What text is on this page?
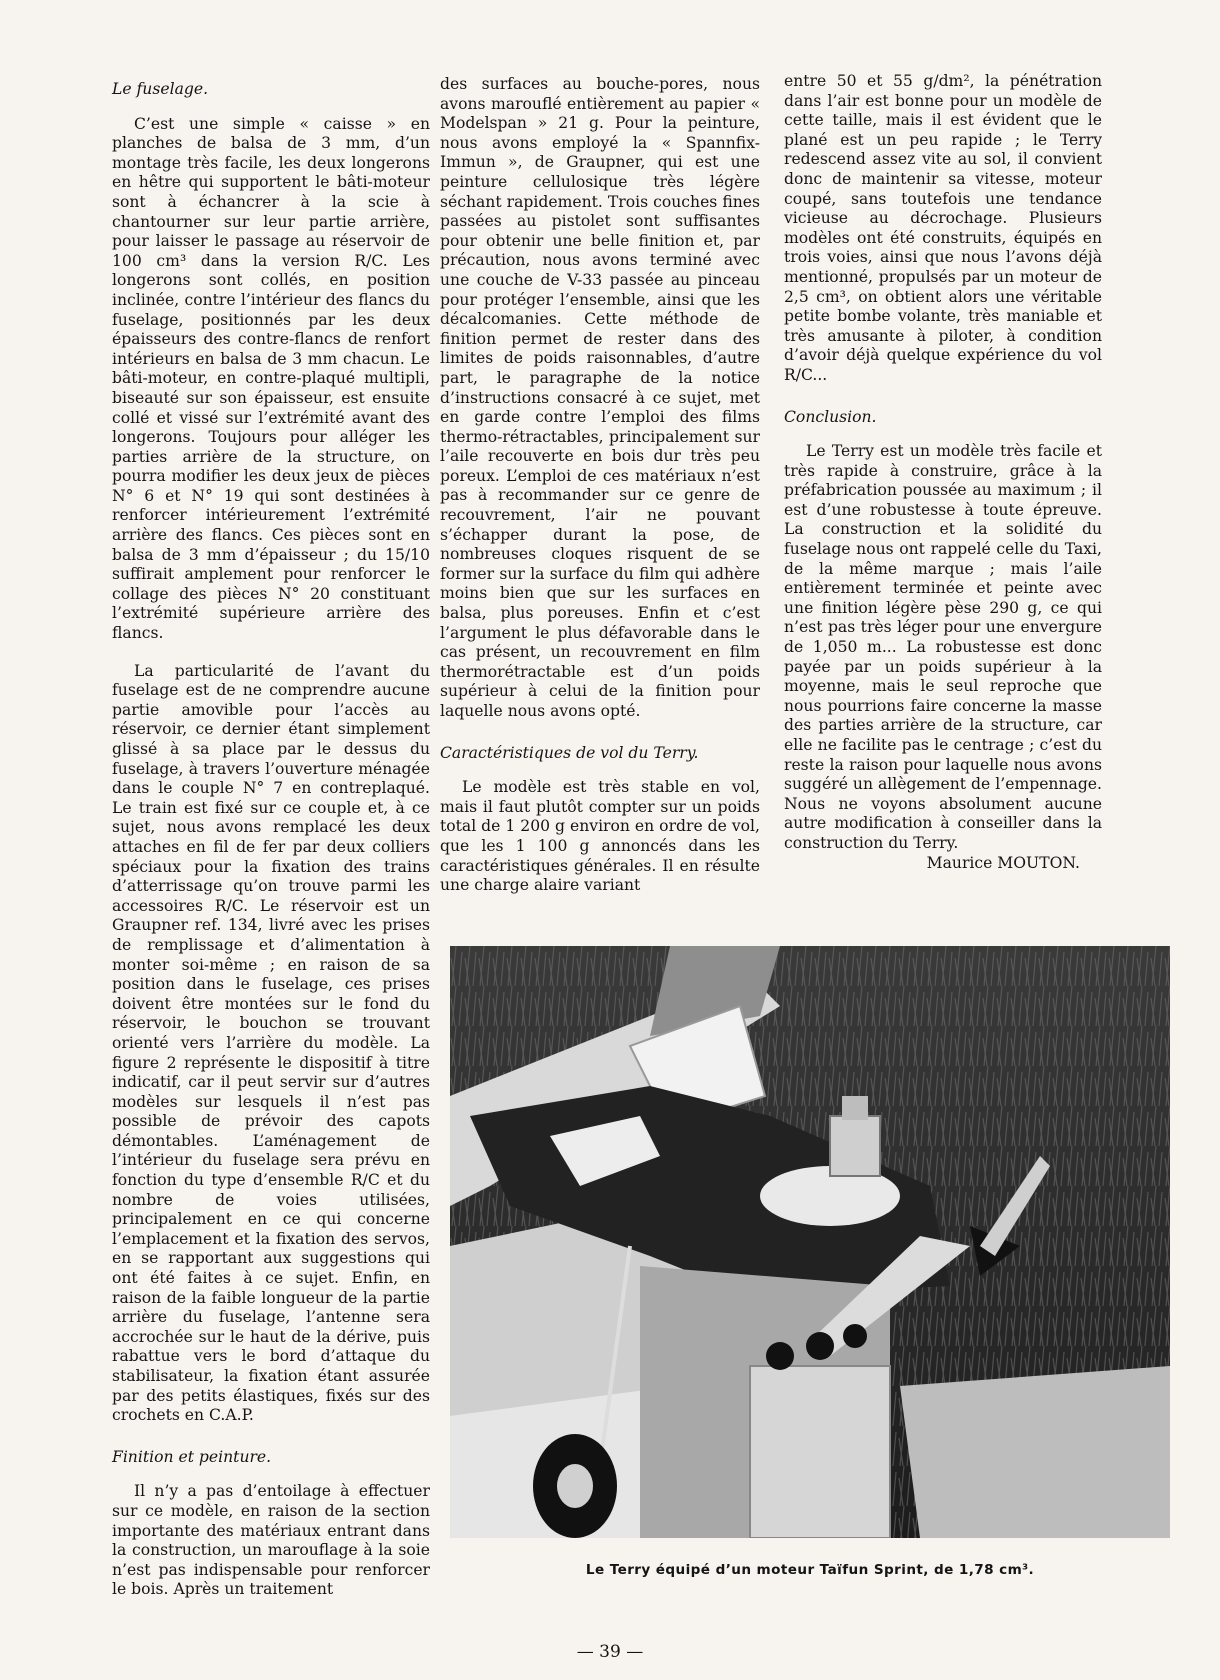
Le fuselage.

C’est une simple « caisse » en planches de balsa de 3 mm, d’un montage très facile, les deux longerons en hêtre qui supportent le bâti-moteur sont à échancrer à la scie à chantourner sur leur partie arrière, pour laisser le passage au réservoir de 100 cm³ dans la version R/C. Les longerons sont collés, en position inclinée, contre l’intérieur des flancs du fuselage, positionnés par les deux épaisseurs des contre-flancs de renfort intérieurs en balsa de 3 mm chacun. Le bâti-moteur, en contre-plaqué multipli, biseauté sur son épaisseur, est ensuite collé et vissé sur l’extrémité avant des longerons. Toujours pour alléger les parties arrière de la structure, on pourra modifier les deux jeux de pièces N° 6 et N° 19 qui sont destinées à renforcer intérieurement l’extrémité arrière des flancs. Ces pièces sont en balsa de 3 mm d’épaisseur ; du 15/10 suffirait amplement pour renforcer le collage des pièces N° 20 constituant l’extrémité supérieure arrière des flancs.

La particularité de l’avant du fuselage est de ne comprendre aucune partie amovible pour l’accès au réservoir, ce dernier étant simplement glissé à sa place par le dessus du fuselage, à travers l’ouverture ménagée dans le couple N° 7 en contreplaqué. Le train est fixé sur ce couple et, à ce sujet, nous avons remplacé les deux attaches en fil de fer par deux colliers spéciaux pour la fixation des trains d’atterrissage qu’on trouve parmi les accessoires R/C. Le réservoir est un Graupner ref. 134, livré avec les prises de remplissage et d’alimentation à monter soi-même ; en raison de sa position dans le fuselage, ces prises doivent être montées sur le fond du réservoir, le bouchon se trouvant orienté vers l’arrière du modèle. La figure 2 représente le dispositif à titre indicatif, car il peut servir sur d’autres modèles sur lesquels il n’est pas possible de prévoir des capots démontables. L’aménagement de l’intérieur du fuselage sera prévu en fonction du type d’ensemble R/C et du nombre de voies utilisées, principalement en ce qui concerne l’emplacement et la fixation des servos, en se rapportant aux suggestions qui ont été faites à ce sujet. Enfin, en raison de la faible longueur de la partie arrière du fuselage, l’antenne sera accrochée sur le haut de la dérive, puis rabattue vers le bord d’attaque du stabilisateur, la fixation étant assurée par des petits élastiques, fixés sur des crochets en C.A.P.

Finition et peinture.

Il n’y a pas d’entoilage à effectuer sur ce modèle, en raison de la section importante des matériaux entrant dans la construction, un marouflage à la soie n’est pas indispensable pour renforcer le bois. Après un traitement

des surfaces au bouche-pores, nous avons marouflé entièrement au papier « Modelspan » 21 g. Pour la peinture, nous avons employé la « Spannfix-Immun », de Graupner, qui est une peinture cellulosique très légère séchant rapidement. Trois couches fines passées au pistolet sont suffisantes pour obtenir une belle finition et, par précaution, nous avons terminé avec une couche de V-33 passée au pinceau pour protéger l’ensemble, ainsi que les décalcomanies. Cette méthode de finition permet de rester dans des limites de poids raisonnables, d’autre part, le paragraphe de la notice d’instructions consacré à ce sujet, met en garde contre l’emploi des films thermo-rétractables, principalement sur l’aile recouverte en bois dur très peu poreux. L’emploi de ces matériaux n’est pas à recommander sur ce genre de recouvrement, l’air ne pouvant s’échapper durant la pose, de nombreuses cloques risquent de se former sur la surface du film qui adhère moins bien que sur les surfaces en balsa, plus poreuses. Enfin et c’est l’argument le plus défavorable dans le cas présent, un recouvrement en film thermorétractable est d’un poids supérieur à celui de la finition pour laquelle nous avons opté.

Caractéristiques de vol du Terry.

Le modèle est très stable en vol, mais il faut plutôt compter sur un poids total de 1 200 g environ en ordre de vol, que les 1 100 g annoncés dans les caractéristiques générales. Il en résulte une charge alaire variant

entre 50 et 55 g/dm², la pénétration dans l’air est bonne pour un modèle de cette taille, mais il est évident que le plané est un peu rapide ; le Terry redescend assez vite au sol, il convient donc de maintenir sa vitesse, moteur coupé, sans toutefois une tendance vicieuse au décrochage. Plusieurs modèles ont été construits, équipés en trois voies, ainsi que nous l’avons déjà mentionné, propulsés par un moteur de 2,5 cm³, on obtient alors une véritable petite bombe volante, très maniable et très amusante à piloter, à condition d’avoir déjà quelque expérience du vol R/C...

Conclusion.

Le Terry est un modèle très facile et très rapide à construire, grâce à la préfabrication poussée au maximum ; il est d’une robustesse à toute épreuve. La construction et la solidité du fuselage nous ont rappelé celle du Taxi, de la même marque ; mais l’aile entièrement terminée et peinte avec une finition légère pèse 290 g, ce qui n’est pas très léger pour une envergure de 1,050 m... La robustesse est donc payée par un poids supérieur à la moyenne, mais le seul reproche que nous pourrions faire concerne la masse des parties arrière de la structure, car elle ne facilite pas le centrage ; c’est du reste la raison pour laquelle nous avons suggéré un allègement de l’empennage. Nous ne voyons absolument aucune autre modification à conseiller dans la construction du Terry.

Maurice MOUTON.

Le Terry équipé d’un moteur Taïfun Sprint, de 1,78 cm³.
— 39 —
